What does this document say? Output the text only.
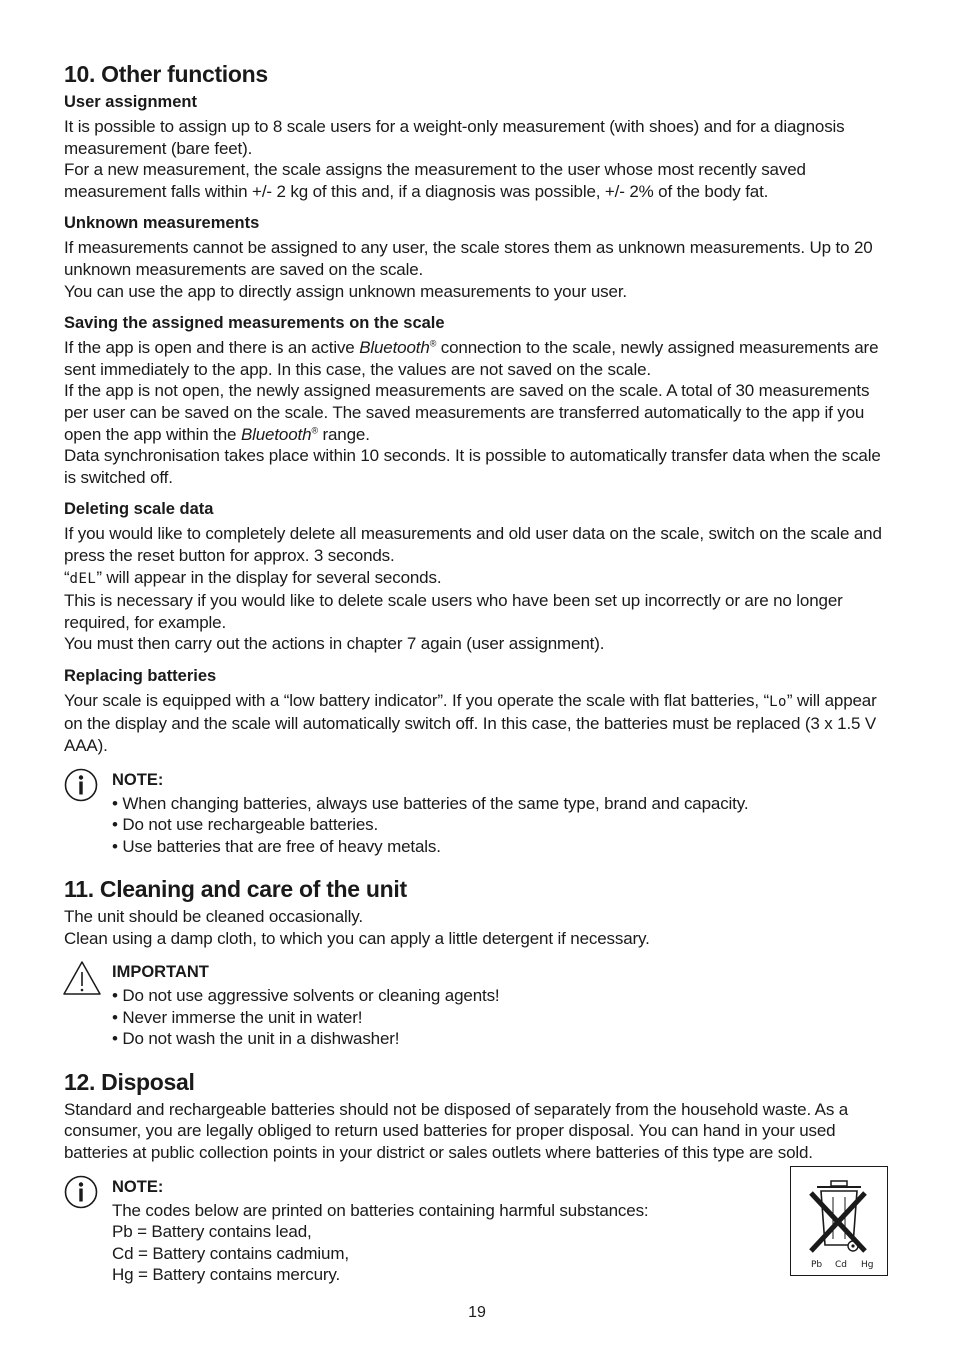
10. Other functions
User assignment

It is possible to assign up to 8 scale users for a weight-only measurement (with shoes) and for a diagnosis measurement (bare feet).

For a new measurement, the scale assigns the measurement to the user whose most recently saved measurement falls within +/- 2 kg of this and, if a diagnosis was possible, +/- 2% of the body fat.

Unknown measurements

If measurements cannot be assigned to any user, the scale stores them as unknown measurements. Up to 20 unknown measurements are saved on the scale.

You can use the app to directly assign unknown measurements to your user.

Saving the assigned measurements on the scale

If the app is open and there is an active Bluetooth® connection to the scale, newly assigned measurements are sent immediately to the app. In this case, the values are not saved on the scale.

If the app is not open, the newly assigned measurements are saved on the scale. A total of 30 measurements per user can be saved on the scale. The saved measurements are transferred automatically to the app if you open the app within the Bluetooth® range.

Data synchronisation takes place within 10 seconds. It is possible to automatically transfer data when the scale is switched off.

Deleting scale data

If you would like to completely delete all measurements and old user data on the scale, switch on the scale and press the reset button for approx. 3 seconds.

“dEL” will appear in the display for several seconds.

This is necessary if you would like to delete scale users who have been set up incorrectly or are no longer required, for example.

You must then carry out the actions in chapter 7 again (user assignment).

Replacing batteries

Your scale is equipped with a “low battery indicator”. If you operate the scale with flat batteries, “Lo” will appear on the display and the scale will automatically switch off. In this case, the batteries must be replaced (3 x 1.5 V AAA).

NOTE:
• When changing batteries, always use batteries of the same type, brand and capacity.
• Do not use rechargeable batteries.
• Use batteries that are free of heavy metals.
11. Cleaning and care of the unit

The unit should be cleaned occasionally.

Clean using a damp cloth, to which you can apply a little detergent if necessary.

IMPORTANT
• Do not use aggressive solvents or cleaning agents!
• Never immerse the unit in water!
• Do not wash the unit in a dishwasher!
12. Disposal

Standard and rechargeable batteries should not be disposed of separately from the household waste. As a consumer, you are legally obliged to return used batteries for proper disposal. You can hand in your used batteries at public collection points in your district or sales outlets where batteries of this type are sold.

NOTE:

The codes below are printed on batteries containing harmful substances:

Pb = Battery contains lead,

Cd = Battery contains cadmium,

Hg = Battery contains mercury.

Pb Cd Hg
19
